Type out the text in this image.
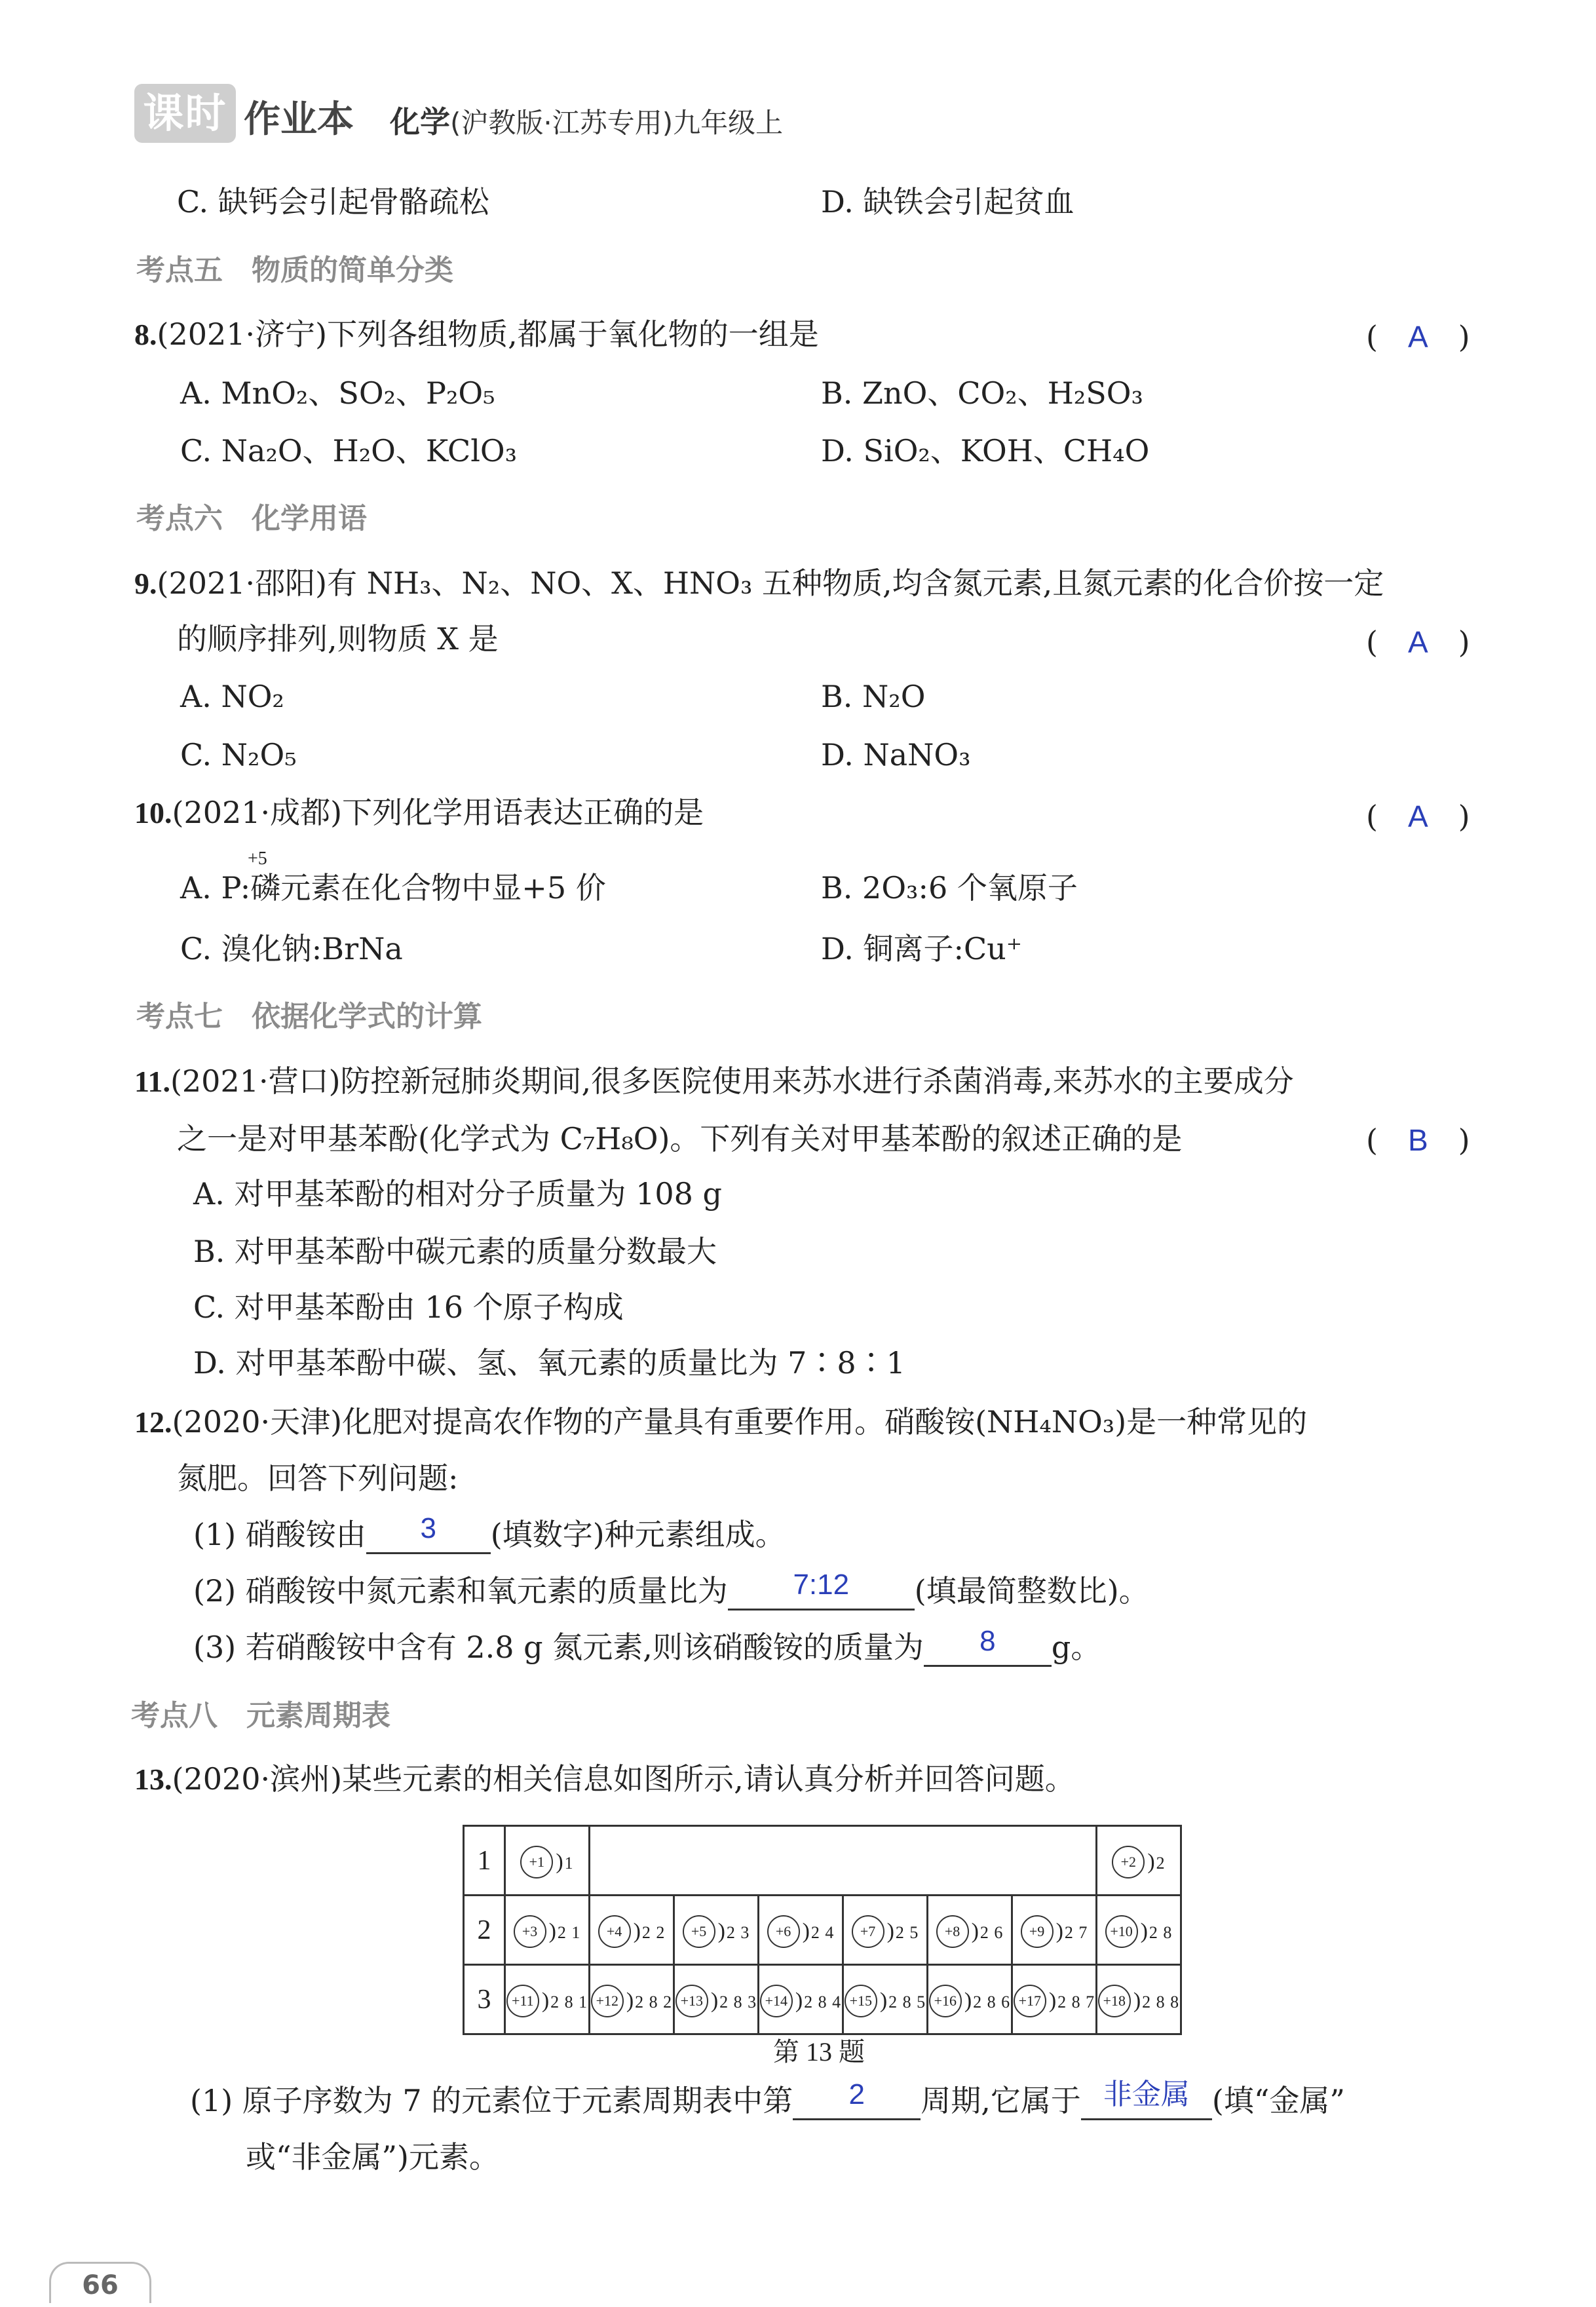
课时 作业本 化学(沪教版·江苏专用)九年级上
C. 缺钙会引起骨骼疏松	D. 缺铁会引起贫血
考点五　物质的简单分类
8.(2021·济宁)下列各组物质,都属于氧化物的一组是	(　A　)
A. MnO₂、SO₂、P₂O₅	B. ZnO、CO₂、H₂SO₃
C. Na₂O、H₂O、KClO₃	D. SiO₂、KOH、CH₄O
考点六　化学用语
9.(2021·邵阳)有 NH₃、N₂、NO、X、HNO₃ 五种物质,均含氮元素,且氮元素的化合价按一定
的顺序排列,则物质 X 是	(　A　)
A. NO₂	B. N₂O
C. N₂O₅	D. NaNO₃
10.(2021·成都)下列化学用语表达正确的是	(　A　)
+5
A. P:磷元素在化合物中显+5 价	B. 2O₃:6 个氧原子
C. 溴化钠:BrNa	D. 铜离子:Cu⁺
考点七　依据化学式的计算
11.(2021·营口)防控新冠肺炎期间,很多医院使用来苏水进行杀菌消毒,来苏水的主要成分
之一是对甲基苯酚(化学式为 C₇H₈O)。下列有关对甲基苯酚的叙述正确的是	(　B　)
A. 对甲基苯酚的相对分子质量为 108 g
B. 对甲基苯酚中碳元素的质量分数最大
C. 对甲基苯酚由 16 个原子构成
D. 对甲基苯酚中碳、氢、氧元素的质量比为 7∶8∶1
12.(2020·天津)化肥对提高农作物的产量具有重要作用。硝酸铵(NH₄NO₃)是一种常见的
氮肥。回答下列问题:
(1) 硝酸铵由	3	(填数字)种元素组成。
(2) 硝酸铵中氮元素和氧元素的质量比为	7:12	(填最简整数比)。
(3) 若硝酸铵中含有 2.8 g 氮元素,则该硝酸铵的质量为	8	g。
考点八　元素周期表
13.(2020·滨州)某些元素的相关信息如图所示,请认真分析并回答问题。
1	+1 ) 1							+2 ) 2

2	+3 ) 2 1	+4 ) 2 2	+5 ) 2 3	+6 ) 2 4	+7 ) 2 5	+8 ) 2 6	+9 ) 2 7	+10 ) 2 8

3	+11 ) 2 8 1	+12 ) 2 8 2	+13 ) 2 8 3	+14 ) 2 8 4	+15 ) 2 8 5	+16 ) 2 8 6	+17 ) 2 8 7	+18 ) 2 8 8
第 13 题
(1) 原子序数为 7 的元素位于元素周期表中第	2	周期,它属于 非金属 (填“金属”
或“非金属”)元素。
66
